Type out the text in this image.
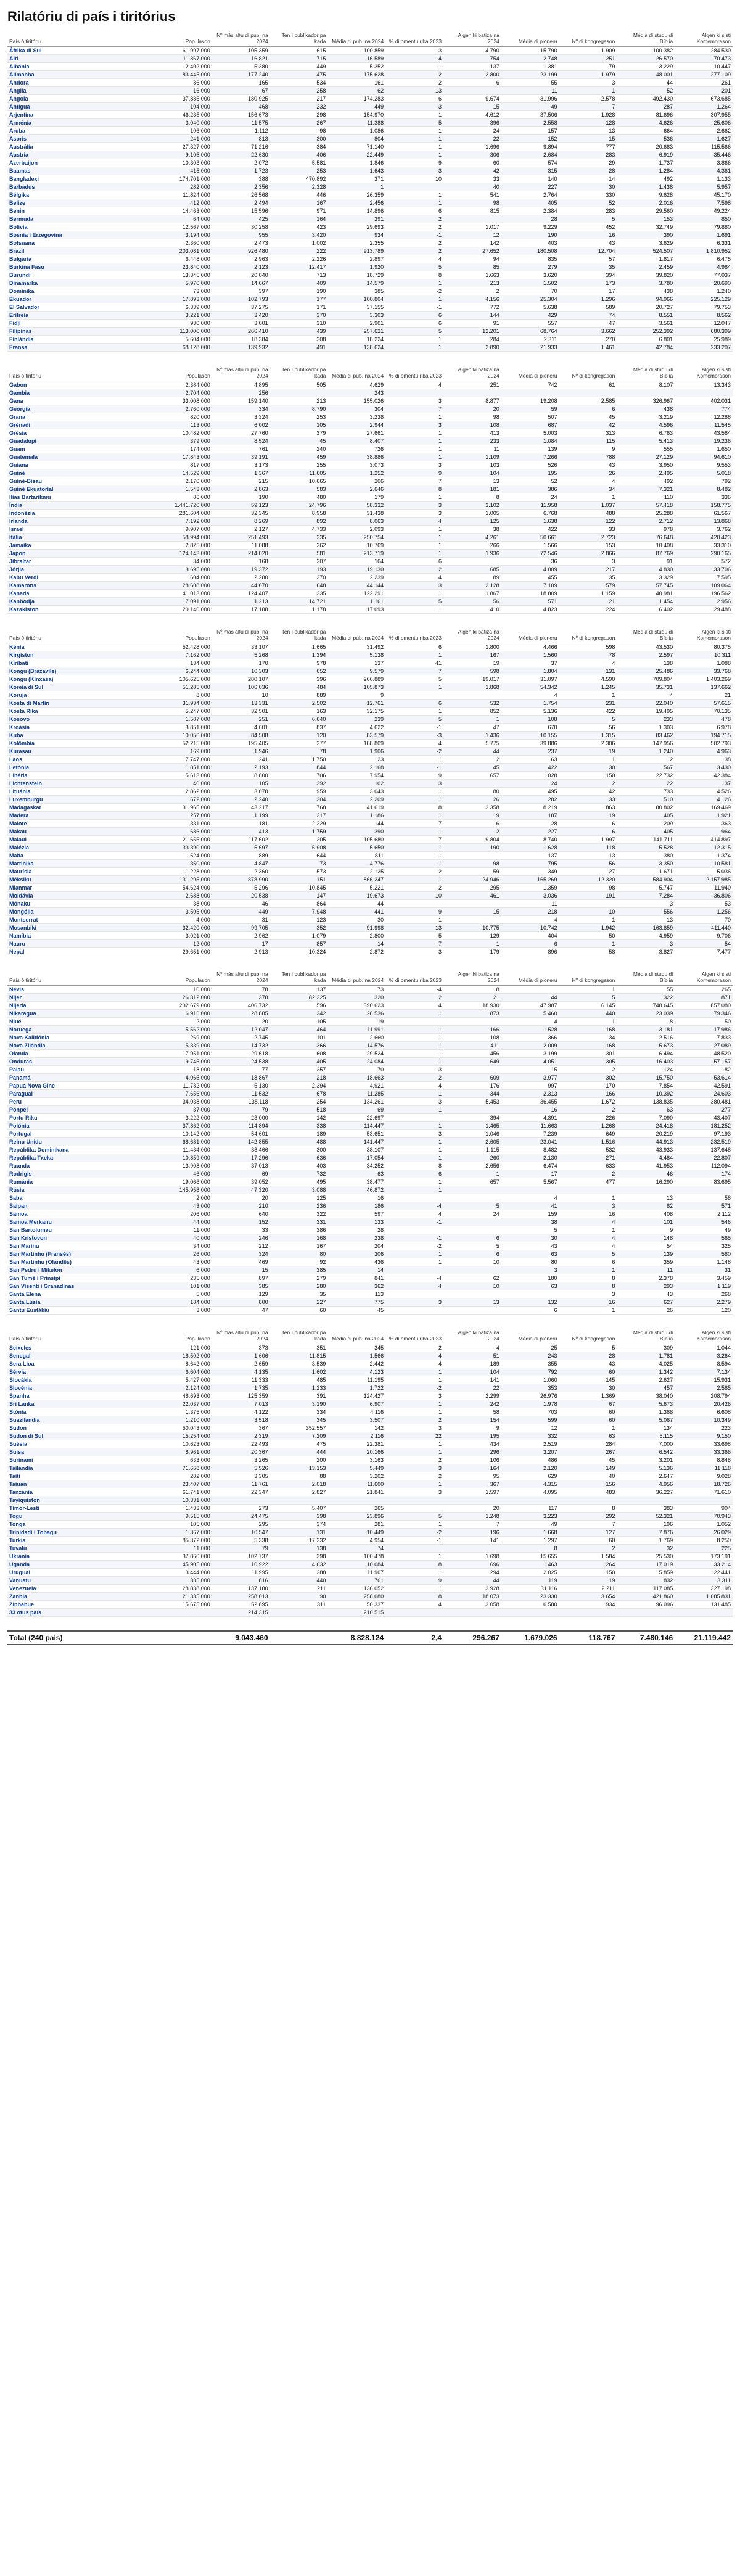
Rilatóriu di país i tiritórius
País ô tiritóriu	Populason	Nº más altu di pub. na 2024	Ten I publikador pa kada	Média di pub. na 2024	% di omentu riba 2023	Algen ki batiza na 2024	Média di pioneru	Nº di kongregason	Média di studu di Bíblia	Algen ki sisti Komemorason
Áfrika di Sul	61.997.000	105.359	615	100.859	3	4.790	15.790	1.909	100.382	284.530
Alti	11.867.000	16.821	715	16.589	-4	754	2.748	251	26.570	70.473
Albánia	2.402.000	5.380	449	5.352	-1	137	1.381	79	3.229	10.447
Alimanha	83.445.000	177.240	475	175.628	2	2.800	23.199	1.979	48.001	277.109
Andora	86.000	165	534	161	-2	6	55	3	44	261
Angila	16.000	67	258	62	13		11	1	52	201
Angola	37.885.000	180.925	217	174.283	6	9.674	31.996	2.578	492.430	673.685
Antígua	104.000	468	232	449	-3	15	49	7	287	1.264
Arjentina	46.235.000	156.673	298	154.970	1	4.612	37.506	1.928	81.696	307.955
Arménia	3.040.000	11.575	267	11.388	5	396	2.558	128	4.626	25.606
Aruba	106.000	1.112	98	1.086	1	24	157	13	664	2.662
Asoris	241.000	813	300	804	1	22	152	15	536	1.627
Austrália	27.327.000	71.216	384	71.140	1	1.696	9.894	777	20.683	115.566
Áustria	9.105.000	22.630	406	22.449	1	306	2.684	283	6.919	35.446
Azerbaijon	10.303.000	2.072	5.581	1.846	-9	60	574	29	1.737	3.866
Baamas	415.000	1.723	253	1.643	-3	42	315	28	1.284	4.361
Bangladexi	174.701.000	388	470.892	371	10	33	140	14	492	1.133
Barbadus	282.000	2.356	2.328	1		40	227	30	1.438	5.957
Bélgika	11.824.000	26.568	446	26.359	1	541	2.764	330	9.628	45.170
Belize	412.000	2.494	167	2.456	1	98	405	52	2.016	7.598
Benin	14.463.000	15.596	971	14.896	6	815	2.384	283	29.560	49.224
Bermuda	64.000	425	164	391	2		28	5	153	850
Bolívia	12.567.000	30.258	423	29.693	2	1.017	9.229	452	32.749	79.880
Bósnia i Erzegovina	3.194.000	955	3.420	934	-1	12	190	16	390	1.691
Botsuana	2.360.000	2.473	1.002	2.355	2	142	403	43	3.629	6.331
Brazil	203.081.000	926.480	222	913.789	2	27.652	180.508	12.704	524.507	1.810.952
Bulgária	6.448.000	2.963	2.226	2.897	4	94	835	57	1.817	6.475
Burkina Fasu	23.840.000	2.123	12.417	1.920	5	85	279	35	2.459	4.984
Burundi	13.345.000	20.040	713	18.729	8	1.663	3.620	394	39.820	77.037
Dinamarka	5.970.000	14.667	409	14.579	1	213	1.502	173	3.780	20.690
Dominika	73.000	397	190	385	-2	2	70	17	438	1.240
Ekuador	17.893.000	102.793	177	100.804	1	4.156	25.304	1.296	94.966	225.129
El Salvador	6.339.000	37.275	171	37.155	-1	772	5.638	589	20.727	79.753
Eritreia	3.221.000	3.420	370	3.303	6	144	429	74	8.551	8.562
Fidji	930.000	3.001	310	2.901	6	91	557	47	3.561	12.047
Filipinas	113.000.000	266.410	439	257.621	5	12.201	68.764	3.662	252.392	680.399
Finlándia	5.604.000	18.384	308	18.224	1	284	2.311	270	6.801	25.989
Fransa	68.128.000	139.932	491	138.624	1	2.890	21.933	1.461	42.784	233.207
País ô tiritóriu	Populason	Nº más altu di pub. na 2024	Ten I publikador pa kada	Média di pub. na 2024	% di omentu riba 2023	Algen ki batiza na 2024	Média di pioneru	Nº di kongregason	Média di studu di Bíblia	Algen ki sisti Komemorason
Gabon	2.384.000	4.895	505	4.629	4	251	742	61	8.107	13.343
Gambia	2.704.000	256		243						
Gana	33.008.000	159.140	213	155.026	3	8.877	19.208	2.585	326.967	402.031
Geórgia	2.760.000	334	8.790	304	7	20	59	6	438	774
Grana	820.000	3.324	253	3.238	1	98	507	45	3.219	12.288
Grénadi	113.000	6.002	105	2.944	3	108	687	42	4.596	11.545
Grésia	10.482.000	27.760	379	27.661	1	413	5.003	313	6.763	43.584
Guadalupi	379.000	8.524	45	8.407	1	233	1.084	115	5.413	19.236
Guam	174.000	761	240	726	1	11	139	9	555	1.650
Guatemala	17.843.000	39.191	459	38.886	1	1.109	7.266	788	27.129	94.610
Guiana	817.000	3.173	255	3.073	3	103	526	43	3.950	9.553
Guiné	14.529.000	1.367	11.605	1.252	9	104	195	26	2.495	5.018
Guiné-Bisau	2.170.000	215	10.665	206	7	13	52	4	492	792
Guiné Ekuatorial	1.543.000	2.863	583	2.646	8	181	386	34	7.321	8.482
Ilias Bartarikmu	86.000	190	480	179	1	8	24	1	110	336
Índia	1.441.720.000	59.123	24.796	58.332	3	3.102	11.958	1.037	57.418	158.775
Indonézia	281.604.000	32.345	8.958	31.438	3	1.005	6.768	488	25.288	61.567
Irlanda	7.192.000	8.269	892	8.063	4	125	1.638	122	2.712	13.868
Israel	9.907.000	2.127	4.733	2.093	1	38	422	33	978	3.762
Itália	58.994.000	251.493	235	250.754	1	4.261	50.661	2.723	76.648	420.423
Jamaika	2.825.000	11.088	262	10.769	1	266	1.566	153	10.408	33.310
Japon	124.143.000	214.020	581	213.719	1	1.936	72.546	2.866	87.769	290.165
Jibraltar	34.000	168	207	164	6		36	3	91	572
Jórjia	3.695.000	19.372	193	19.130	2	685	4.009	217	4.830	33.706
Kabu Verdi	604.000	2.280	270	2.239	4	89	455	35	3.329	7.595
Kamarons	28.608.000	44.670	648	44.144	3	2.128	7.109	579	57.745	109.064
Kanadá	41.013.000	124.407	335	122.291	1	1.867	18.809	1.159	40.981	196.562
Kanbodja	17.091.000	1.213	14.721	1.161	5	56	571	21	1.454	2.956
Kazakiston	20.140.000	17.188	1.178	17.093	1	410	4.823	224	6.402	29.488
País ô tiritóriu	Populason	Nº más altu di pub. na 2024	Ten I publikador pa kada	Média di pub. na 2024	% di omentu riba 2023	Algen ki batiza na 2024	Média di pioneru	Nº di kongregason	Média di studu di Bíblia	Algen ki sisti Komemorason
Kénia	52.428.000	33.107	1.665	31.492	6	1.800	4.466	598	43.530	80.375
Kirgiston	7.162.000	5.268	1.394	5.138	1	167	1.560	78	2.597	10.311
Kiribati	134.000	170	978	137	41	19	37	4	138	1.088
Kongu (Brazavile)	6.244.000	10.303	652	9.579	7	598	1.804	131	25.486	33.768
Kongu (Kinxasa)	105.625.000	280.107	396	266.889	5	19.017	31.097	4.590	709.804	1.403.269
Koreia di Sul	51.285.000	106.036	484	105.873	1	1.868	54.342	1.245	35.731	137.662
Koruja	8.000	10	889	9			4	1	4	21
Kosta di Marfin	31.934.000	13.331	2.502	12.761	6	532	1.754	231	22.040	57.615
Kosta Rika	5.247.000	32.501	163	32.175	1	852	5.136	422	19.495	70.135
Kosovo	1.587.000	251	6.640	239	5	1	108	5	233	478
Kroásia	3.851.000	4.601	837	4.622	-1	47	670	56	1.303	6.978
Kuba	10.056.000	84.508	120	83.579	-3	1.436	10.155	1.315	83.462	194.715
Kolômbia	52.215.000	195.405	277	188.809	4	5.775	39.886	2.306	147.956	502.793
Kurasau	169.000	1.946	78	1.906	-2	44	237	19	1.240	4.963
Laos	7.747.000	241	1.750	23	1	2	63	1	2	138
Letónia	1.851.000	2.193	844	2.168	-1	45	422	30	567	3.430
Libéria	5.613.000	8.800	706	7.954	9	657	1.028	150	22.732	42.384
Lichtenstein	40.000	105	392	102	3		24	2	22	137
Lituánia	2.862.000	3.078	959	3.043	1	80	495	42	733	4.526
Luxemburgu	672.000	2.240	304	2.209	1	26	282	33	510	4.126
Madagaskar	31.965.000	43.217	768	41.619	8	3.358	8.219	863	80.802	169.469
Madera	257.000	1.199	217	1.186	1	19	187	19	405	1.921
Maiote	331.000	181	2.229	144	7	6	28	6	209	363
Makau	686.000	413	1.759	390	1	2	227	6	405	964
Malaui	21.655.000	117.602	205	105.680	7	9.804	8.740	1.997	141.711	414.897
Malézia	33.390.000	5.697	5.908	5.650	1	190	1.628	118	5.528	12.315
Malta	524.000	889	644	811	1		137	13	380	1.374
Martinika	350.000	4.847	73	4.776	-1	98	795	56	3.350	10.581
Maurísia	1.228.000	2.360	573	2.125	2	59	349	27	1.671	5.036
Méksiku	131.295.000	878.990	151	866.247	1	24.946	165.269	12.320	584.904	2.157.985
Mianmar	54.624.000	5.296	10.845	5.221	2	295	1.359	98	5.747	11.940
Moldávia	2.688.000	20.538	147	19.673	10	461	3.036	191	7.284	36.806
Mónaku	38.000	46	864	44			11		3	53
Mongólia	3.505.000	449	7.948	441	9	15	218	10	556	1.256
Montserrat	4.000	31	123	30	1		4	1	13	70
Mosanbiki	32.420.000	99.705	352	91.998	13	10.775	10.742	1.942	163.859	411.440
Namíbia	3.021.000	2.962	1.079	2.800	5	129	404	50	4.959	9.706
Nauru	12.000	17	857	14	-7	1	6	1	3	54
Nepal	29.651.000	2.913	10.324	2.872	3	179	896	58	3.827	7.477
País ô tiritóriu	Populason	Nº más altu di pub. na 2024	Ten I publikador pa kada	Média di pub. na 2024	% di omentu riba 2023	Algen ki batiza na 2024	Média di pioneru	Nº di kongregason	Média di studu di Bíblia	Algen ki sisti Komemorason
Névis	10.000	78	137	73	-4	8		1	55	265
Nijer	26.312.000	378	82.225	320	2	21	44	5	322	871
Nijéria	232.679.000	406.732	596	390.623	4	18.930	47.987	6.145	748.645	857.080
Nikarágua	6.916.000	28.885	242	28.536	1	873	5.460	440	23.039	79.346
Niue	2.000	20	105	19			4	1	8	50
Noruega	5.562.000	12.047	464	11.991	1	166	1.528	168	3.181	17.986
Nova Kalidónia	269.000	2.745	101	2.660	1	108	366	34	2.516	7.833
Nova Zilándia	5.339.000	14.732	366	14.576	1	411	2.009	168	5.673	27.089
Olanda	17.951.000	29.618	608	29.524	1	456	3.199	301	6.494	48.520
Onduras	9.745.000	24.538	405	24.084	1	649	4.051	305	16.403	57.157
Palau	18.000	77	257	70	-3		15	2	124	182
Panamá	4.065.000	18.867	218	18.663	2	609	3.977	302	15.750	53.614
Papua Nova Giné	11.782.000	5.130	2.394	4.921	4	176	997	170	7.854	42.591
Paraguai	7.656.000	11.532	678	11.285	1	344	2.313	166	10.392	24.603
Peru	34.038.000	138.118	254	134.261	3	5.453	36.455	1.672	138.835	380.481
Ponpei	37.000	79	518	69	-1		16	2	63	277
Portu Riku	3.222.000	23.000	142	22.697		394	4.391	226	7.090	43.407
Polónia	37.862.000	114.894	338	114.447	1	1.465	11.663	1.268	24.418	181.252
Portugal	10.142.000	54.601	189	53.651	3	1.046	7.239	649	20.219	97.193
Reinu Unidu	68.681.000	142.855	488	141.447	1	2.605	23.041	1.516	44.913	232.519
Repúblika Dominikana	11.434.000	38.466	300	38.107	1	1.115	8.482	532	43.933	137.648
Repúblika Txeka	10.859.000	17.296	636	17.054	1	260	2.130	271	4.484	22.807
Ruanda	13.908.000	37.013	403	34.252	8	2.656	6.474	633	41.953	112.094
Rodrigis	46.000	69	732	63	6	1	17	2	46	174
Rumánia	19.066.000	39.052	495	38.477	1	657	5.567	477	16.290	83.695
Rúsia	145.958.000	47.320	3.088	46.872	1					
Saba	2.000	20	125	16			4	1	13	58
Saipan	43.000	210	236	186	-4	5	41	3	82	571
Samoa	206.000	640	322	597	4	24	159	16	408	2.112
Samoa Merkanu	44.000	152	331	133	-1		38	4	101	546
San Bartolumeu	11.000	33	386	28			5	1	9	49
San Kristovon	40.000	246	168	238	-1	6	30	4	148	565
San Marinu	34.000	212	167	204	-2	5	43	4	54	325
San Martinhu (Fransés)	26.000	324	80	306	1	6	63	5	139	580
San Martinhu (Olandês)	43.000	469	92	436	1	10	80	6	359	1.148
San Pedru i Mikelon	6.000	15	385	14			3	1	11	31
San Tumé i Prinsipi	235.000	897	279	841	-4	62	180	8	2.378	3.459
San Visenti i Granadinas	101.000	385	280	362	4	10	63	8	293	1.119
Santa Elena	5.000	129	35	113				3	43	268
Santa Lúsia	184.000	800	227	775	3	13	132	16	627	2.279
Santu Eustákiu	3.000	47	60	45			6	1	26	120
País ô tiritóriu	Populason	Nº más altu di pub. na 2024	Ten I publikador pa kada	Média di pub. na 2024	% di omentu riba 2023	Algen ki batiza na 2024	Média di pioneru	Nº di kongregason	Média di studu di Bíblia	Algen ki sisti Komemorason
Seixeles	121.000	373	351	345	2	4	25	5	309	1.044
Senegal	18.502.000	1.606	11.815	1.566	4	51	243	28	1.781	3.264
Sera Lioa	8.642.000	2.659	3.539	2.442	4	189	355	43	4.025	8.594
Sérvia	6.604.000	4.135	1.602	4.123	1	104	792	60	1.342	7.134
Slovákia	5.427.000	11.333	485	11.195	1	141	1.060	145	2.627	15.931
Slovénia	2.124.000	1.735	1.233	1.722	-2	22	353	30	457	2.585
Spanha	48.693.000	125.359	391	124.427	3	2.299	26.976	1.369	38.040	208.794
Sri Lanka	22.037.000	7.013	3.190	6.907	1	242	1.978	67	5.673	20.426
Stónia	1.375.000	4.122	334	4.116	1	58	703	60	1.388	6.608
Suazilándia	1.210.000	3.518	345	3.507	2	154	599	60	5.067	10.349
Sudon	50.043.000	367	352.557	142	3	9	12	1	134	223
Sudon di Sul	15.254.000	2.319	7.209	2.116	22	195	332	63	5.115	9.150
Suésia	10.623.000	22.493	475	22.381	1	434	2.519	284	7.000	33.698
Suisa	8.961.000	20.367	444	20.166	1	296	3.207	267	6.542	33.366
Surinami	633.000	3.265	200	3.163	2	106	486	45	3.201	8.848
Tailándia	71.668.000	5.526	13.153	5.449	3	164	2.120	149	5.136	11.118
Taiti	282.000	3.305	88	3.202	2	95	629	40	2.647	9.028
Taiuan	23.407.000	11.761	2.018	11.600	1	367	4.315	156	4.956	18.726
Tanzánia	61.741.000	22.347	2.827	21.841	3	1.597	4.095	483	36.227	71.610
Tayiquiston	10.331.000									
Timor-Lesti	1.433.000	273	5.407	265		20	117	8	383	904
Togu	9.515.000	24.475	398	23.896	5	1.248	3.223	292	52.321	70.943
Tonga	105.000	295	374	281	1	7	49	7	196	1.052
Trinidadi i Tobagu	1.367.000	10.547	131	10.449	-2	196	1.668	127	7.876	26.029
Turkia	85.372.000	5.338	17.232	4.954	-1	141	1.297	60	1.769	8.250
Tuvalu	11.000	79	138	74			8	2	32	225
Ukránia	37.860.000	102.737	398	100.478	1	1.698	15.655	1.584	25.530	173.191
Uganda	45.905.000	10.922	4.632	10.084	8	696	1.463	264	17.019	33.214
Uruguai	3.444.000	11.995	288	11.907	1	294	2.025	150	5.859	22.441
Vanuatu	335.000	816	440	761	9	44	119	19	832	3.311
Venezuela	28.838.000	137.180	211	136.052	1	3.928	31.116	2.211	117.085	327.198
Zanbia	21.335.000	258.013	90	258.080	8	18.073	23.330	3.654	421.860	1.085.831
Zinbabue	15.675.000	52.895	311	50.337	4	3.058	6.580	934	96.096	131.485
33 otus país		214.315		210.515						
Total (240 país)		9.043.460		8.828.124	2,4	296.267	1.679.026	118.767	7.480.146	21.119.442
